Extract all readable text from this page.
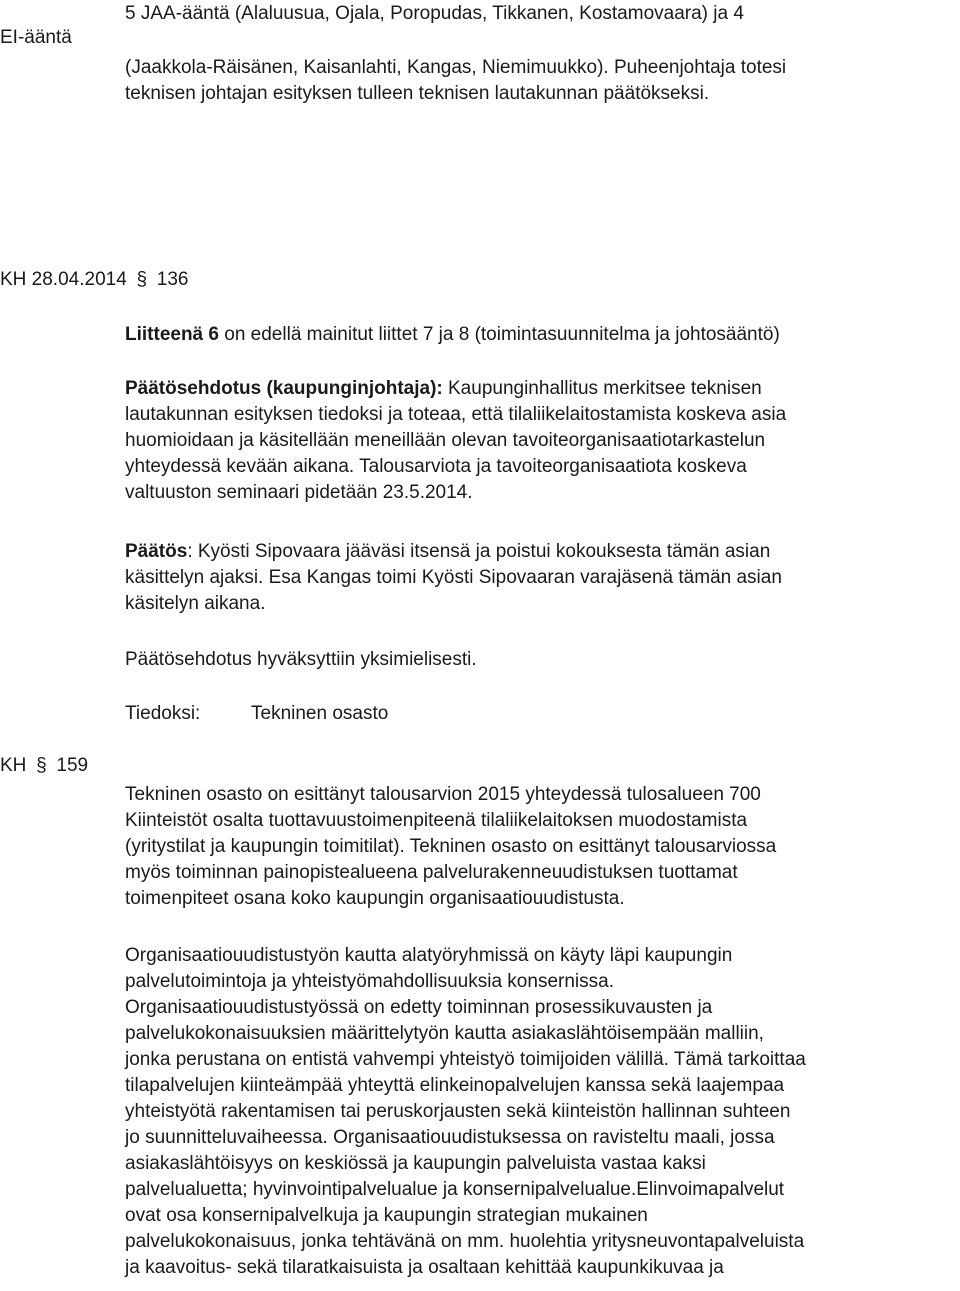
EI-ääntä
5 JAA-ääntä (Alaluusua, Ojala, Poropudas, Tikkanen, Kostamovaara) ja 4
(Jaakkola-Räisänen, Kaisanlahti, Kangas, Niemimuukko). Puheenjohtaja totesi
teknisen johtajan esityksen tulleen teknisen lautakunnan päätökseksi.
KH 28.04.2014 § 136
Liitteenä 6 on edellä mainitut liittet 7 ja 8 (toimintasuunnitelma ja johtosääntö)
Päätösehdotus (kaupunginjohtaja): Kaupunginhallitus merkitsee teknisen
lautakunnan esityksen tiedoksi ja toteaa, että tilaliikelaitostamista koskeva asia
huomioidaan ja käsitellään meneillään olevan tavoiteorganisaatiotarkastelun
yhteydessä kevään aikana. Talousarviota ja tavoiteorganisaatiota koskeva
valtuuston seminaari pidetään 23.5.2014.
Päätös: Kyösti Sipovaara jääväsi itsensä ja poistui kokouksesta tämän asian
käsittelyn ajaksi. Esa Kangas toimi Kyösti Sipovaaran varajäsenä tämän asian
käsitelyn aikana.
Päätösehdotus hyväksyttiin yksimielisesti.
Tiedoksi:	Tekninen osasto
KH § 159
Tekninen osasto on esittänyt talousarvion 2015 yhteydessä tulosalueen 700
Kiinteistöt osalta tuottavuustoimenpiteenä tilaliikelaitoksen muodostamista
(yritystilat ja kaupungin toimitilat). Tekninen osasto on esittänyt talousarviossa
myös toiminnan painopistealueena palvelurakenneuudistuksen tuottamat
toimenpiteet osana koko kaupungin organisaatiouudistusta.
Organisaatiouudistustyön kautta alatyöryhmissä on käyty läpi kaupungin
palvelutoimintoja ja yhteistyömahdollisuuksia konsernissa.
Organisaatiouudistustyössä on edetty toiminnan prosessikuvausten ja
palvelukokonaisuuksien määrittelytyön kautta asiakaslähtöisempään malliin,
jonka perustana on entistä vahvempi yhteistyö toimijoiden välillä. Tämä tarkoittaa
tilapalvelujen kiinteämpää yhteyttä elinkeinopalvelujen kanssa sekä laajempaa
yhteistyötä rakentamisen tai peruskorjausten sekä kiinteistön hallinnan suhteen
jo suunnitteluvaiheessa. Organisaatiouudistuksessa on ravisteltu maali, jossa
asiakaslähtöisyys on keskiössä ja kaupungin palveluista vastaa kaksi
palvelualuetta; hyvinvointipalvelualue ja konsernipalvelualue.Elinvoimapalvelut
ovat osa konsernipalvelkuja ja kaupungin strategian mukainen
palvelukokonaisuus, jonka tehtävänä on mm. huolehtia yritysneuvontapalveluista
ja kaavoitus- sekä tilaratkaisuista ja osaltaan kehittää kaupunkikuvaa ja
